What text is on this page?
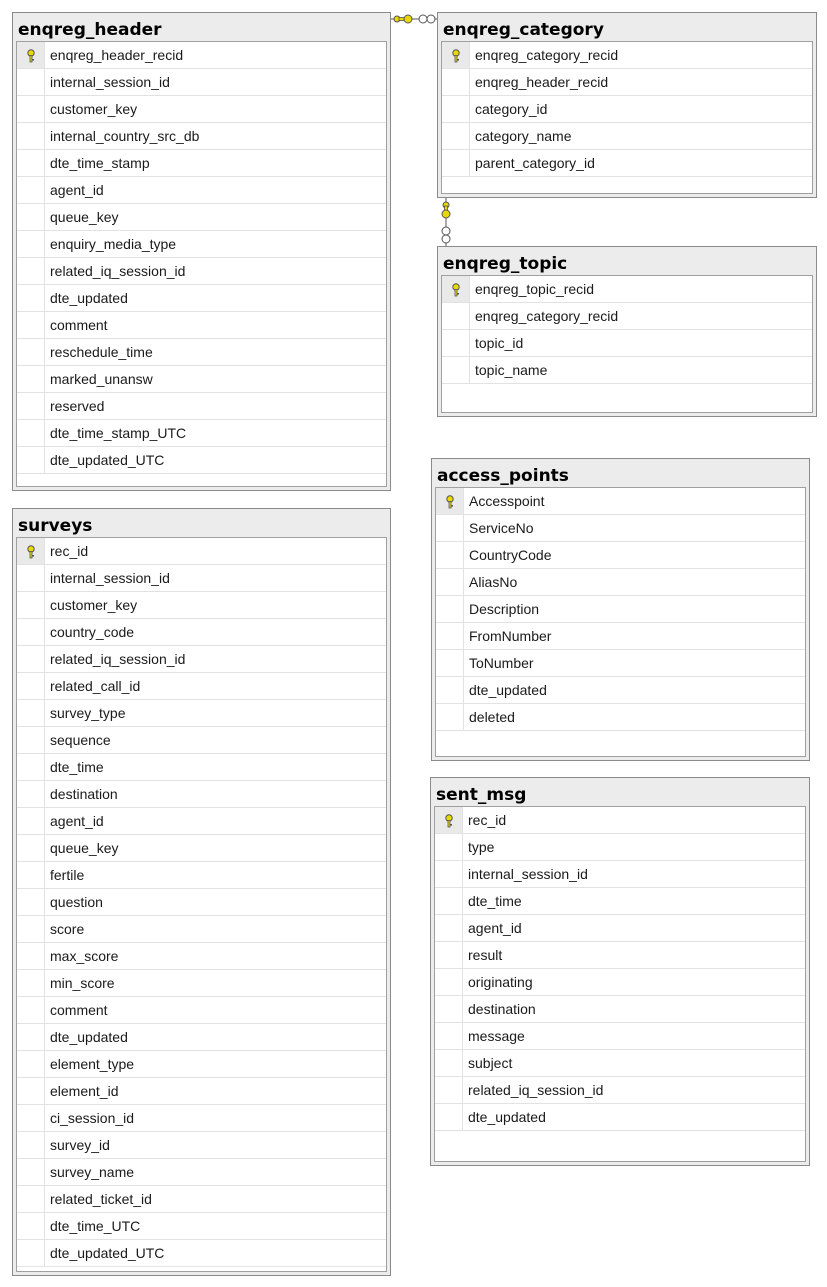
enqreg_header
enqreg_header_recid
internal_session_id
customer_key
internal_country_src_db
dte_time_stamp
agent_id
queue_key
enquiry_media_type
related_iq_session_id
dte_updated
comment
reschedule_time
marked_unansw
reserved
dte_time_stamp_UTC
dte_updated_UTC
enqreg_category
enqreg_category_recid
enqreg_header_recid
category_id
category_name
parent_category_id
enqreg_topic
enqreg_topic_recid
enqreg_category_recid
topic_id
topic_name
access_points
Accesspoint
ServiceNo
CountryCode
AliasNo
Description
FromNumber
ToNumber
dte_updated
deleted
surveys
rec_id
internal_session_id
customer_key
country_code
related_iq_session_id
related_call_id
survey_type
sequence
dte_time
destination
agent_id
queue_key
fertile
question
score
max_score
min_score
comment
dte_updated
element_type
element_id
ci_session_id
survey_id
survey_name
related_ticket_id
dte_time_UTC
dte_updated_UTC
sent_msg
rec_id
type
internal_session_id
dte_time
agent_id
result
originating
destination
message
subject
related_iq_session_id
dte_updated
